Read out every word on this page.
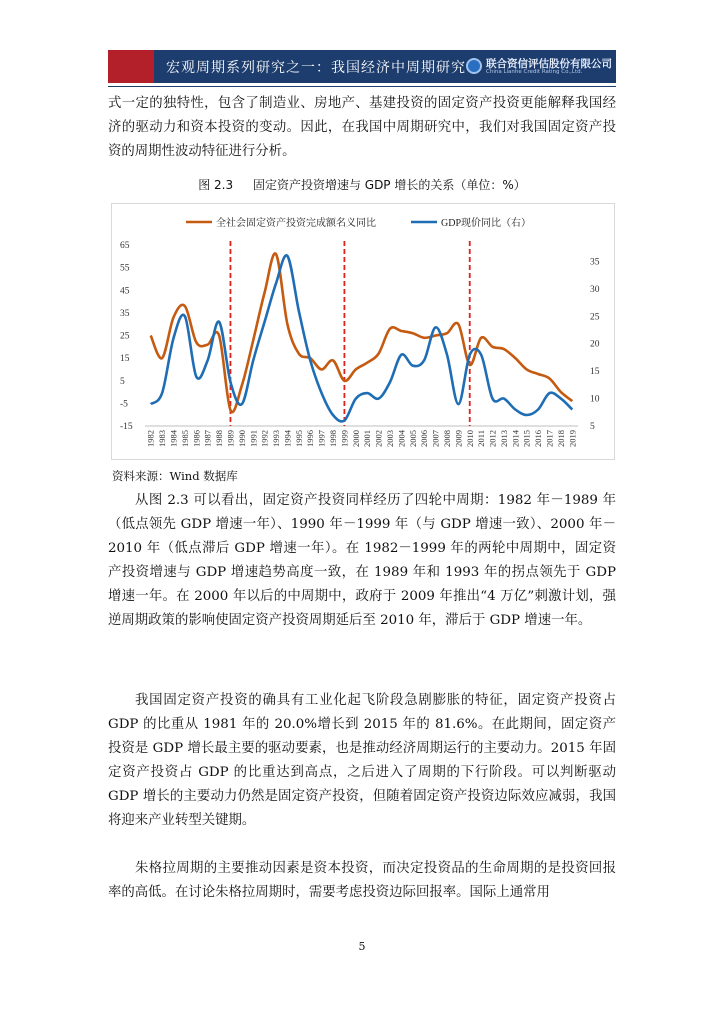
宏观周期系列研究之一：我国经济中周期研究 联合资信评估股份有限公司
China Lianhe Credit Rating Co.,Ltd.

式一定的独特性，包含了制造业、房地产、基建投资的固定资产投资更能解释我国经济的驱动力和资本投资的变动。因此，在我国中周期研究中，我们对我国固定资产投资的周期性波动特征进行分析。

图 2.3 固定资产投资增速与 GDP 增长的关系（单位：%）
65
55
45
35
25
15
5
-5
-15
35
30
25
20
15
10
5
1982 1983 1984 1985 1986 1987 1988 1989 1990 1991 1992 1993 1994 1995 1996 1997 1998 1999 2000 2001 2002 2003 2004 2005 2006 2007 2008 2009 2010 2011 2012 2013 2014 2015 2016 2017 2018 2019
全社会固定资产投资完成额名义同比	GDP现价同比（右）
资料来源：Wind 数据库

从图 2.3 可以看出，固定资产投资同样经历了四轮中周期：1982 年－1989 年（低点领先 GDP 增速一年）、1990 年－1999 年（与 GDP 增速一致）、2000 年－2010 年（低点滞后 GDP 增速一年）。在 1982－1999 年的两轮中周期中，固定资产投资增速与 GDP 增速趋势高度一致，在 1989 年和 1993 年的拐点领先于 GDP 增速一年。在 2000 年以后的中周期中，政府于 2009 年推出“4 万亿”刺激计划，强逆周期政策的影响使固定资产投资周期延后至 2010 年，滞后于 GDP 增速一年。

我国固定资产投资的确具有工业化起飞阶段急剧膨胀的特征，固定资产投资占 GDP 的比重从 1981 年的 20.0%增长到 2015 年的 81.6%。在此期间，固定资产投资是 GDP 增长最主要的驱动要素，也是推动经济周期运行的主要动力。2015 年固定资产投资占 GDP 的比重达到高点，之后进入了周期的下行阶段。可以判断驱动 GDP 增长的主要动力仍然是固定资产投资，但随着固定资产投资边际效应减弱，我国将迎来产业转型关键期。

朱格拉周期的主要推动因素是资本投资，而决定投资品的生命周期的是投资回报率的高低。在讨论朱格拉周期时，需要考虑投资边际回报率。国际上通常用

5
